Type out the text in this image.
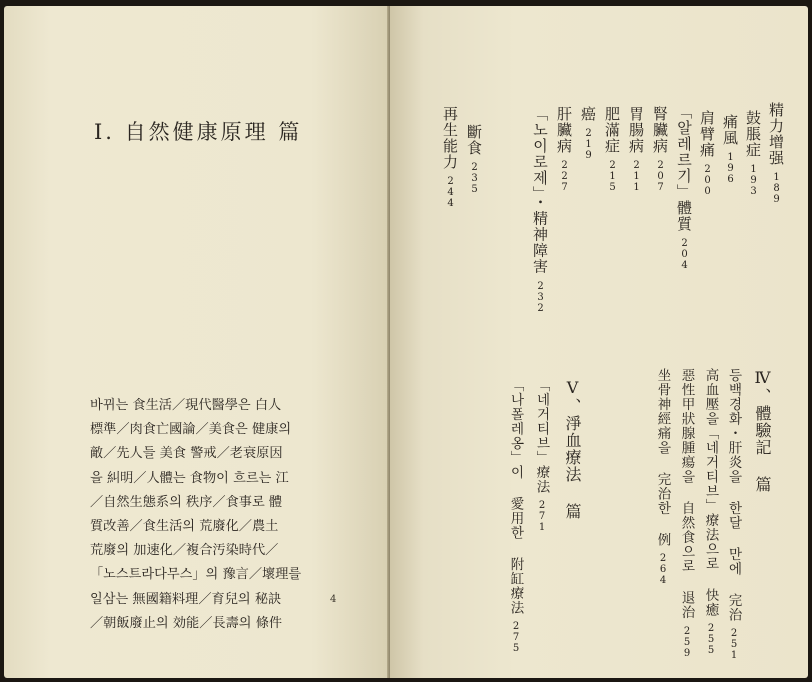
I. 自然健康原理 篇
바뀌는 食生活／現代醫學은 白人
標準／肉食亡國論／美食은 健康의
敵／先人들 美食 警戒／老衰原因
을 糾明／人體는 食物이 흐르는 江
／自然生態系의 秩序／食事로 體
質改善／食生活의 荒廢化／農土
荒廢의 加速化／複合汚染時代／
「노스트라다무스」의 豫言／壞理를
일삼는 無國籍料理／育兒의 秘訣
／朝飯廢止의 効能／長壽의 條件
4
精力增强189
鼓脹症193
痛風196
肩臂痛200
「알레르기」體質204
腎臟病207
胃腸病211
肥滿症215
癌219
肝臟病227
「노이로제」・精神障害232
斷食235
再生能力244
Ⅳ、體驗記 篇
등백경화・肝炎을 한달 만에 完治251
高血壓을「네거티브」療法으로 快癒255
惡性甲狀腺腫瘍을 自然食으로 退治259
坐骨神經痛을 完治한 例264
Ⅴ、淨血療法 篇
「네거티브」療法271
「나폴레옹」이 愛用한 附缸療法275
